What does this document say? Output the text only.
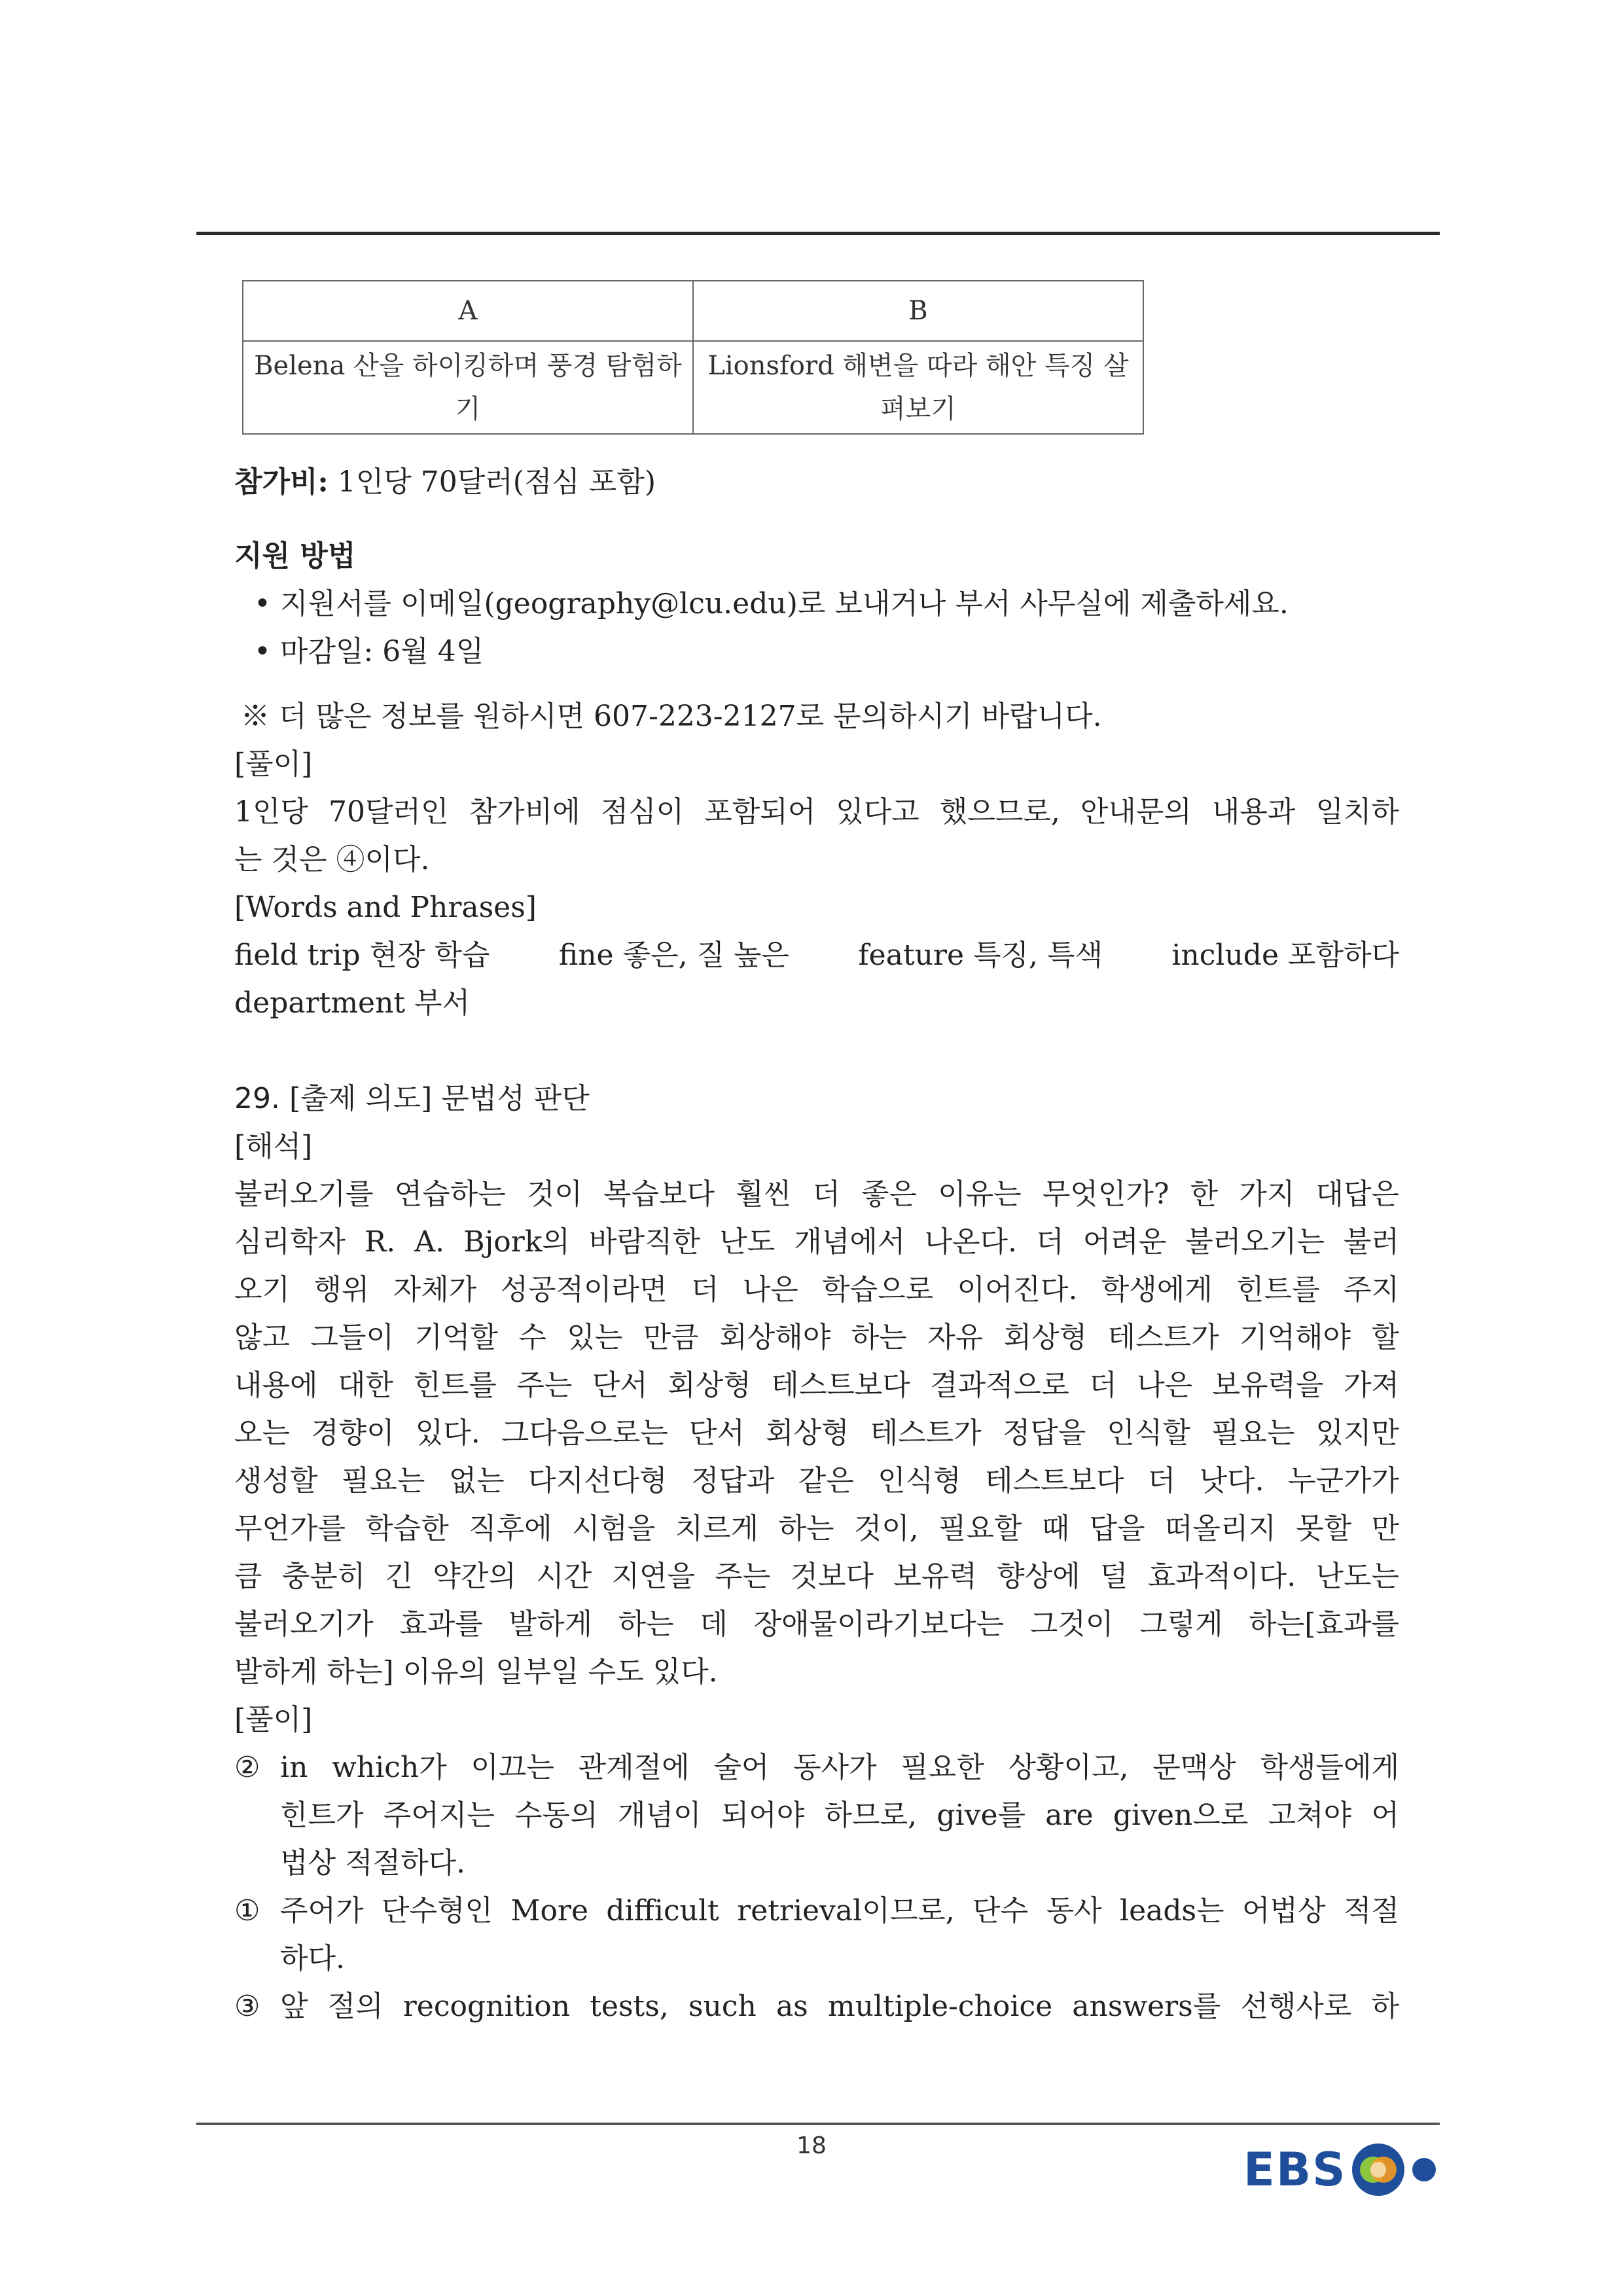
A	B
Belena 산을 하이킹하며 풍경 탐험하기	Lionsford 해변을 따라 해안 특징 살펴보기

참가비: 1인당 70달러(점심 포함)

지원 방법

• 지원서를 이메일(geography@lcu.edu)로 보내거나 부서 사무실에 제출하세요.

• 마감일: 6월 4일

※ 더 많은 정보를 원하시면 607-223-2127로 문의하시기 바랍니다.

[풀이]

1인당 70달러인 참가비에 점심이 포함되어 있다고 했으므로, 안내문의 내용과 일치하

는 것은 ④이다.

[Words and Phrases]

field trip 현장 학습 fine 좋은, 질 높은 feature 특징, 특색 include 포함하다

department 부서

29. [출제 의도] 문법성 판단

[해석]

불러오기를 연습하는 것이 복습보다 훨씬 더 좋은 이유는 무엇인가? 한 가지 대답은

심리학자 R. A. Bjork의 바람직한 난도 개념에서 나온다. 더 어려운 불러오기는 불러

오기 행위 자체가 성공적이라면 더 나은 학습으로 이어진다. 학생에게 힌트를 주지

않고 그들이 기억할 수 있는 만큼 회상해야 하는 자유 회상형 테스트가 기억해야 할

내용에 대한 힌트를 주는 단서 회상형 테스트보다 결과적으로 더 나은 보유력을 가져

오는 경향이 있다. 그다음으로는 단서 회상형 테스트가 정답을 인식할 필요는 있지만

생성할 필요는 없는 다지선다형 정답과 같은 인식형 테스트보다 더 낫다. 누군가가

무언가를 학습한 직후에 시험을 치르게 하는 것이, 필요할 때 답을 떠올리지 못할 만

큼 충분히 긴 약간의 시간 지연을 주는 것보다 보유력 향상에 덜 효과적이다. 난도는

불러오기가 효과를 발하게 하는 데 장애물이라기보다는 그것이 그렇게 하는[효과를

발하게 하는] 이유의 일부일 수도 있다.

[풀이]

② in which가 이끄는 관계절에 술어 동사가 필요한 상황이고, 문맥상 학생들에게

힌트가 주어지는 수동의 개념이 되어야 하므로, give를 are given으로 고쳐야 어

법상 적절하다.

① 주어가 단수형인 More difficult retrieval이므로, 단수 동사 leads는 어법상 적절

하다.

③ 앞 절의 recognition tests, such as multiple-choice answers를 선행사로 하

18	EBS
